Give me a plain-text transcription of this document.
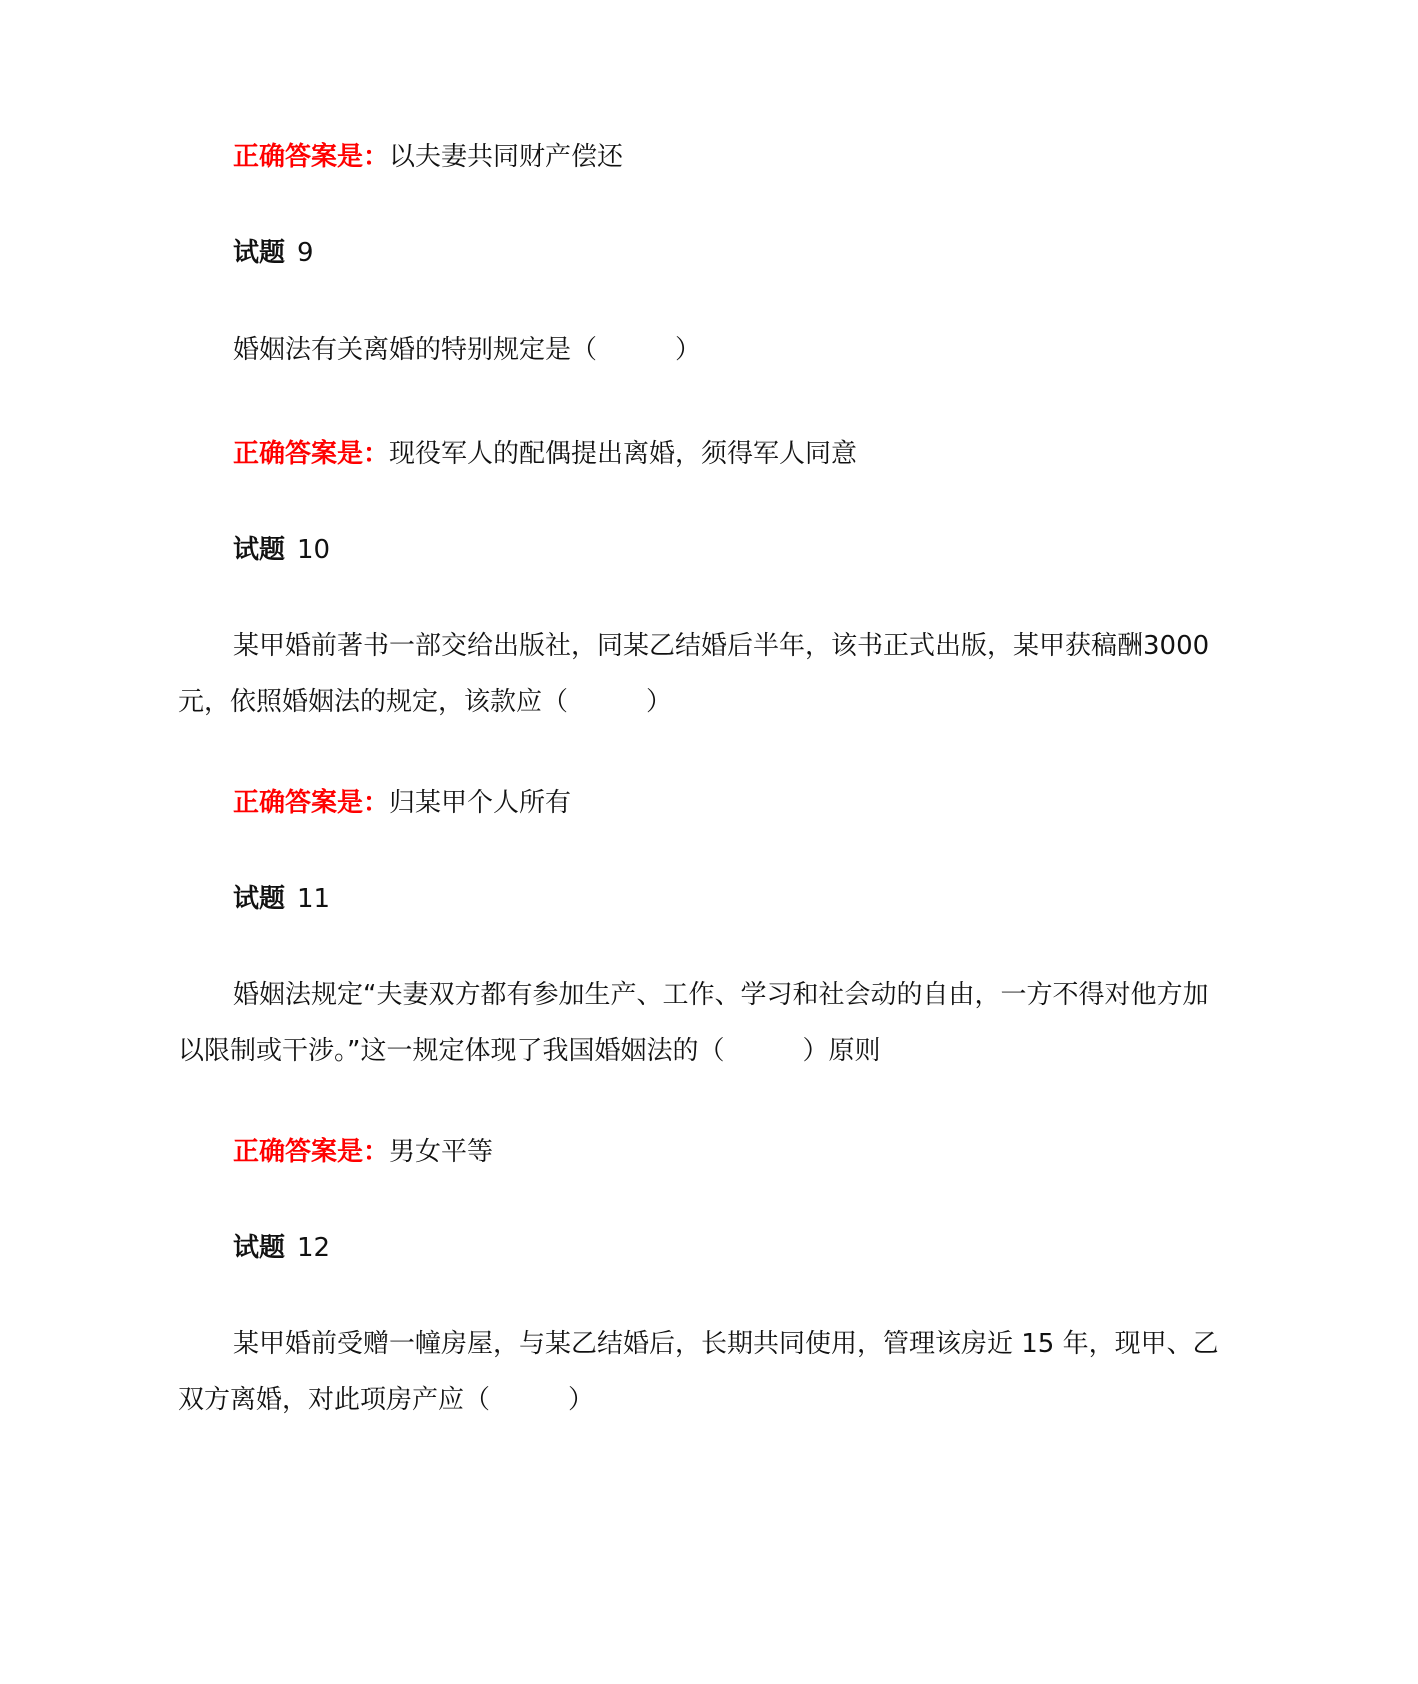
正确答案是：以夫妻共同财产偿还
试题 9
婚姻法有关离婚的特别规定是（　　　）
正确答案是：现役军人的配偶提出离婚，须得军人同意
试题 10
某甲婚前著书一部交给出版社，同某乙结婚后半年，该书正式出版，某甲获稿酬3000元，依照婚姻法的规定，该款应（　　　）
正确答案是：归某甲个人所有
试题 11
婚姻法规定“夫妻双方都有参加生产、工作、学习和社会动的自由，一方不得对他方加以限制或干涉。”这一规定体现了我国婚姻法的（　　　）原则
正确答案是：男女平等
试题 12
某甲婚前受赠一幢房屋，与某乙结婚后，长期共同使用，管理该房近 15 年，现甲、乙双方离婚，对此项房产应（　　　）
